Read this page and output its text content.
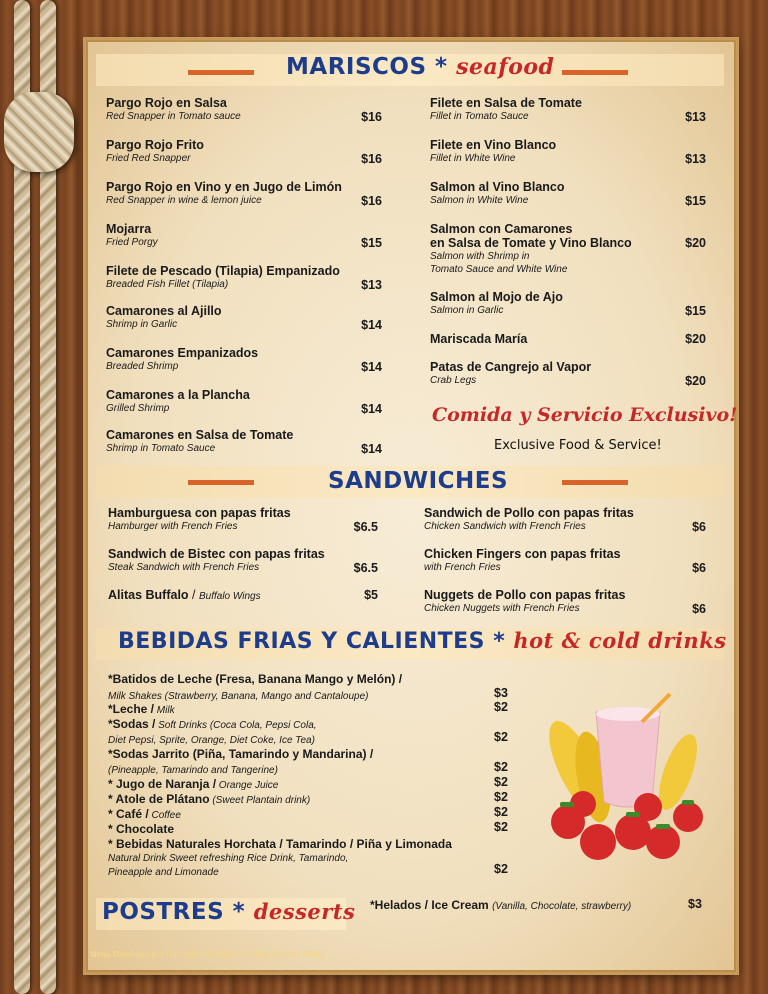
MARISCOS * seafood
Pargo Rojo en Salsa
Red Snapper in Tomato sauce	$16
Pargo Rojo Frito
Fried Red Snapper	$16
Pargo Rojo en Vino y en Jugo de Limón
Red Snapper in wine & lemon juice	$16
Mojarra
Fried Porgy	$15
Filete de Pescado (Tilapia) Empanizado
Breaded Fish Fillet (Tilapia)	$13
Camarones al Ajillo
Shrimp in Garlic	$14
Camarones Empanizados
Breaded Shrimp	$14
Camarones a la Plancha
Grilled Shrimp	$14
Camarones en Salsa de Tomate
Shrimp in Tomato Sauce	$14
Filete en Salsa de Tomate
Fillet in Tomato Sauce	$13
Filete en Vino Blanco
Fillet in White Wine	$13
Salmon al Vino Blanco
Salmon in White Wine	$15
Salmon con Camarones
en Salsa de Tomate y Vino Blanco
Salmon with Shrimp in
Tomato Sauce and White Wine
$20
Salmon al Mojo de Ajo
Salmon in Garlic	$15
Mariscada María	$20
Patas de Cangrejo al Vapor
Crab Legs	$20
Comida y Servicio Exclusivo!
Exclusive Food & Service!
SANDWICHES
Hamburguesa con papas fritas
Hamburger with French Fries	$6.5
Sandwich de Bistec con papas fritas
Steak Sandwich with French Fries	$6.5
Alitas Buffalo / Buffalo Wings	$5
Sandwich de Pollo con papas fritas
Chicken Sandwich with French Fries	$6
Chicken Fingers con papas fritas
with French Fries	$6
Nuggets de Pollo con papas fritas
Chicken Nuggets with French Fries	$6
BEBIDAS FRIAS Y CALIENTES * hot & cold drinks
*Batidos de Leche (Fresa, Banana Mango y Melón) /
Milk Shakes (Strawberry, Banana, Mango and Cantaloupe)	$3
*Leche / Milk	$2
*Sodas / Soft Drinks (Coca Cola, Pepsi Cola,
Diet Pepsi, Sprite, Orange, Diet Coke, Ice Tea)	$2
*Sodas Jarrito (Piña, Tamarindo y Mandarina) /
(Pineapple, Tamarindo and Tangerine)	$2
* Jugo de Naranja / Orange Juice	$2
* Atole de Plátano (Sweet Plantain drink)	$2
* Café / Coffee	$2
* Chocolate	$2
* Bebidas Naturales Horchata / Tamarindo / Piña y Limonada
Natural Drink Sweet refreshing Rice Drink, Tamarindo,
Pineapple and Limonade	$2
POSTRES * desserts *Helados / Ice Cream (Vanilla, Chocolate, strawberry)	$3
Menu Diseñado por RJD 609-510-9016 © Puerto Barrios 5/2/12
